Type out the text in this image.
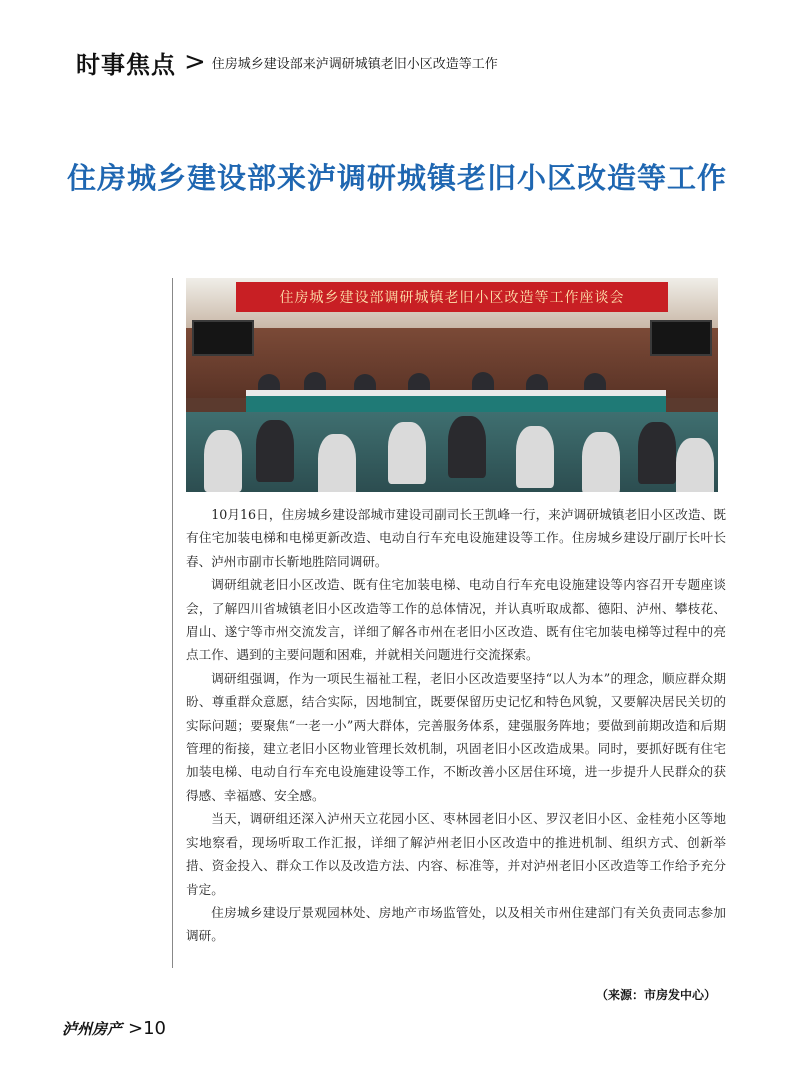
时事焦点 > 住房城乡建设部来泸调研城镇老旧小区改造等工作
住房城乡建设部来泸调研城镇老旧小区改造等工作
住房城乡建设部调研城镇老旧小区改造等工作座谈会

10月16日，住房城乡建设部城市建设司副司长王凯峰一行，来泸调研城镇老旧小区改造、既有住宅加装电梯和电梯更新改造、电动自行车充电设施建设等工作。住房城乡建设厅副厅长叶长春、泸州市副市长靳地胜陪同调研。

调研组就老旧小区改造、既有住宅加装电梯、电动自行车充电设施建设等内容召开专题座谈会，了解四川省城镇老旧小区改造等工作的总体情况，并认真听取成都、德阳、泸州、攀枝花、眉山、遂宁等市州交流发言，详细了解各市州在老旧小区改造、既有住宅加装电梯等过程中的亮点工作、遇到的主要问题和困难，并就相关问题进行交流探索。

调研组强调，作为一项民生福祉工程，老旧小区改造要坚持“以人为本”的理念，顺应群众期盼、尊重群众意愿，结合实际，因地制宜，既要保留历史记忆和特色风貌，又要解决居民关切的实际问题；要聚焦“一老一小”两大群体，完善服务体系，建强服务阵地；要做到前期改造和后期管理的衔接，建立老旧小区物业管理长效机制，巩固老旧小区改造成果。同时，要抓好既有住宅加装电梯、电动自行车充电设施建设等工作，不断改善小区居住环境，进一步提升人民群众的获得感、幸福感、安全感。

当天，调研组还深入泸州天立花园小区、枣林园老旧小区、罗汉老旧小区、金桂苑小区等地实地察看，现场听取工作汇报，详细了解泸州老旧小区改造中的推进机制、组织方式、创新举措、资金投入、群众工作以及改造方法、内容、标准等，并对泸州老旧小区改造等工作给予充分肯定。

住房城乡建设厅景观园林处、房地产市场监管处，以及相关市州住建部门有关负责同志参加调研。

（来源：市房发中心）
泸州房产 >10
